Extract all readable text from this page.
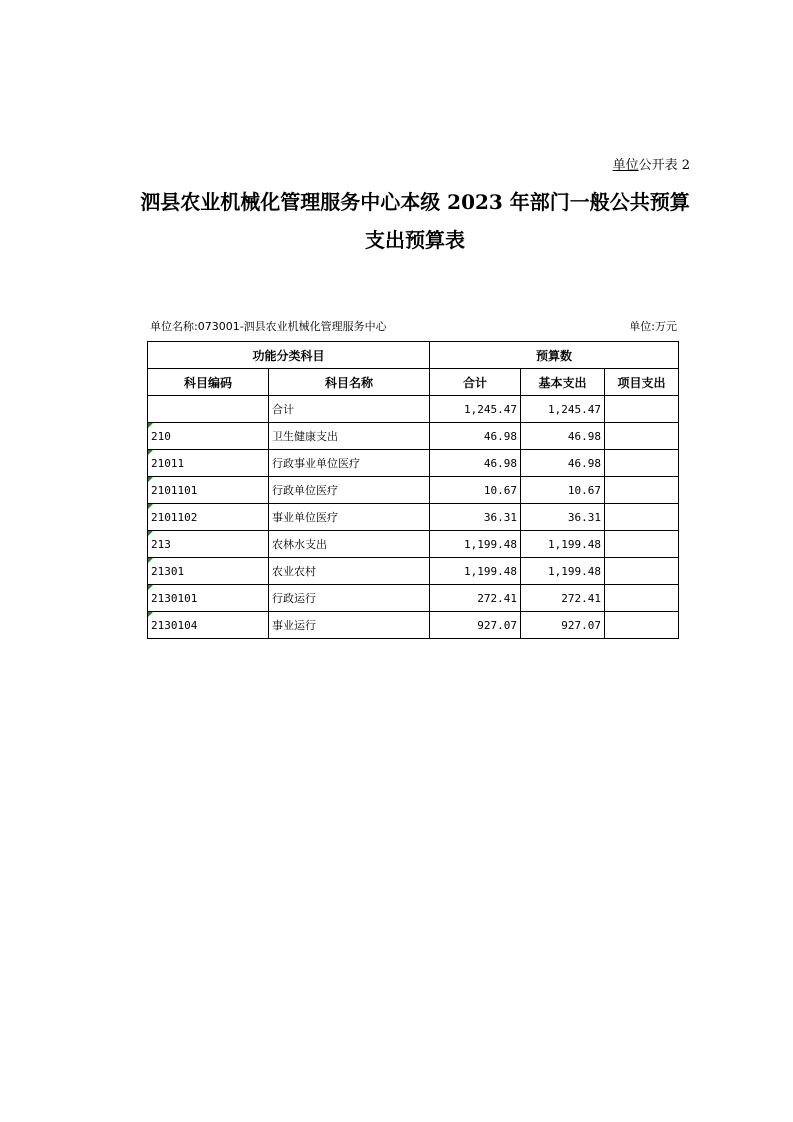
单位公开表 2
泗县农业机械化管理服务中心本级 2023 年部门一般公共预算
支出预算表
单位名称:073001-泗县农业机械化管理服务中心	单位:万元
功能分类科目		预算数		
科目编码	科目名称	合计	基本支出	项目支出
	合计	1,245.47	1,245.47	
210	卫生健康支出	46.98	46.98	
21011	行政事业单位医疗	46.98	46.98	
2101101	行政单位医疗	10.67	10.67	
2101102	事业单位医疗	36.31	36.31	
213	农林水支出	1,199.48	1,199.48	
21301	农业农村	1,199.48	1,199.48	
2130101	行政运行	272.41	272.41	
2130104	事业运行	927.07	927.07	
